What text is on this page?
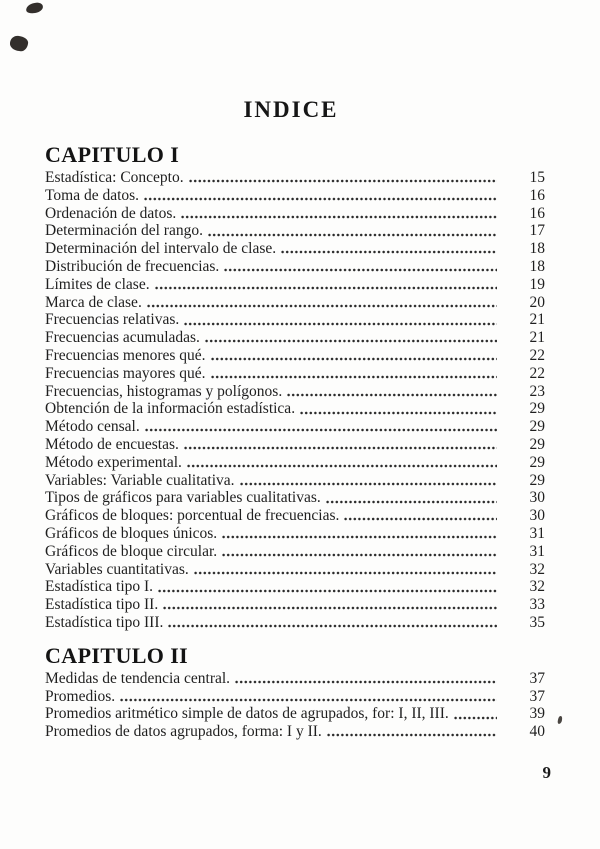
INDICE
CAPITULO I
Estadística: Concepto.	15
Toma de datos.	16
Ordenación de datos.	16
Determinación del rango.	17
Determinación del intervalo de clase.	18
Distribución de frecuencias.	18
Límites de clase.	19
Marca de clase.	20
Frecuencias relativas.	21
Frecuencias acumuladas.	21
Frecuencias menores qué.	22
Frecuencias mayores qué.	22
Frecuencias, histogramas y polígonos.	23
Obtención de la información estadística.	29
Método censal.	29
Método de encuestas.	29
Método experimental.	29
Variables: Variable cualitativa.	29
Tipos de gráficos para variables cualitativas.	30
Gráficos de bloques: porcentual de frecuencias.	30
Gráficos de bloques únicos.	31
Gráficos de bloque circular.	31
Variables cuantitativas.	32
Estadística tipo I.	32
Estadística tipo II.	33
Estadística tipo III.	35
CAPITULO II
Medidas de tendencia central.	37
Promedios.	37
Promedios aritmético simple de datos de agrupados, for: I, II, III.	39
Promedios de datos agrupados, forma: I y II.	40
9
